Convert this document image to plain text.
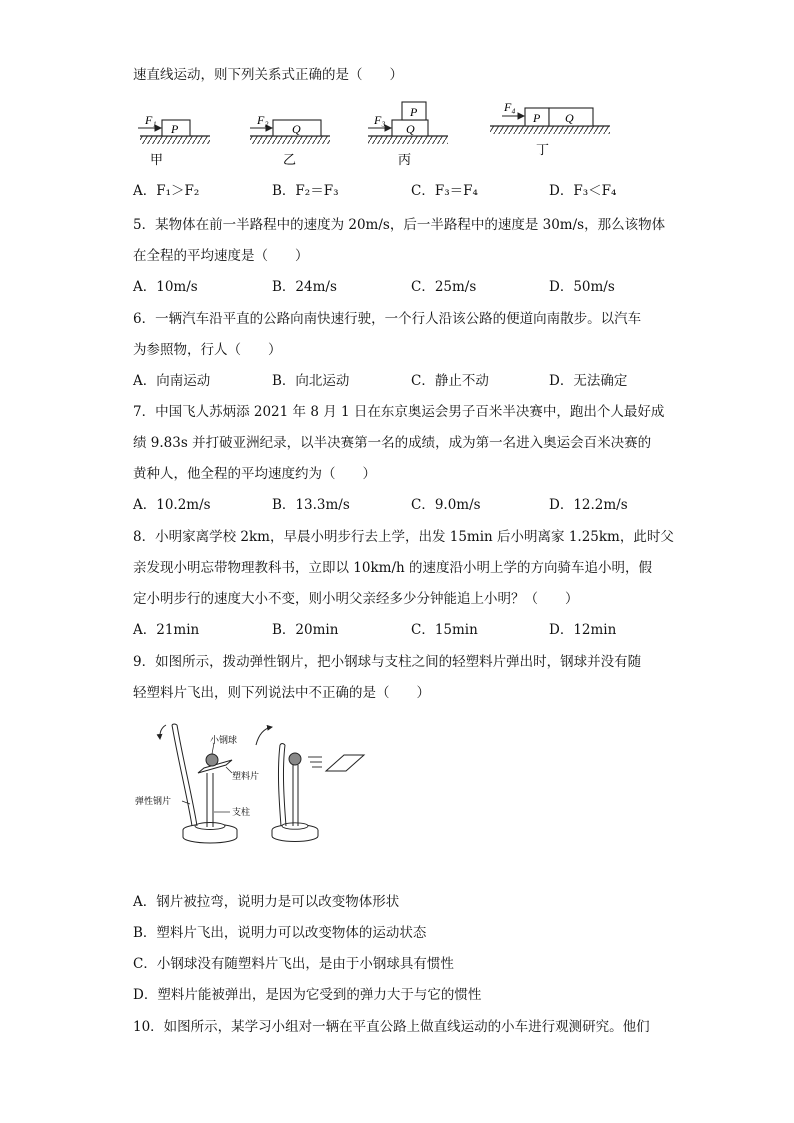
速直线运动，则下列关系式正确的是（　　）
F₁	F₂	F₃
F₄
P	Q
P
Q
P Q
甲	乙	丙
丁
A．F₁＞F₂	B．F₂＝F₃	C．F₃＝F₄	D．F₃＜F₄
5．某物体在前一半路程中的速度为 20m/s，后一半路程中的速度是 30m/s，那么该物体
在全程的平均速度是（　　）
A．10m/s	B．24m/s	C．25m/s	D．50m/s
6．一辆汽车沿平直的公路向南快速行驶，一个行人沿该公路的便道向南散步。以汽车
为参照物，行人（　　）
A．向南运动	B．向北运动	C．静止不动	D．无法确定
7．中国飞人苏炳添 2021 年 8 月 1 日在东京奥运会男子百米半决赛中，跑出个人最好成
绩 9.83s 并打破亚洲纪录，以半决赛第一名的成绩，成为第一名进入奥运会百米决赛的
黄种人，他全程的平均速度约为（　　）
A．10.2m/s	B．13.3m/s	C．9.0m/s	D．12.2m/s
8．小明家离学校 2km，早晨小明步行去上学，出发 15min 后小明离家 1.25km，此时父
亲发现小明忘带物理教科书，立即以 10km/h 的速度沿小明上学的方向骑车追小明，假
定小明步行的速度大小不变，则小明父亲经多少分钟能追上小明？（　　）
A．21min	B．20min	C．15min	D．12min
9．如图所示，拨动弹性钢片，把小钢球与支柱之间的轻塑料片弹出时，钢球并没有随
轻塑料片飞出，则下列说法中不正确的是（　　）
小钢球
塑料片
弹性钢片
支柱
A．钢片被拉弯，说明力是可以改变物体形状
B．塑料片飞出，说明力可以改变物体的运动状态
C．小钢球没有随塑料片飞出，是由于小钢球具有惯性
D．塑料片能被弹出，是因为它受到的弹力大于与它的惯性
10．如图所示，某学习小组对一辆在平直公路上做直线运动的小车进行观测研究。他们
